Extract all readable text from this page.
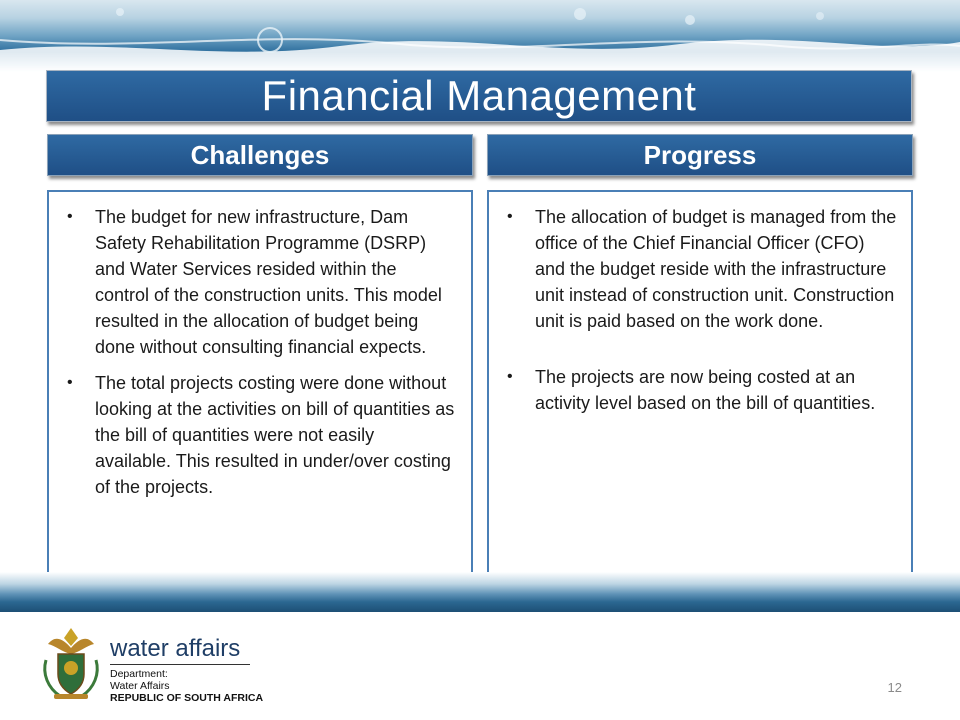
Financial Management
Challenges	Progress
• The budget for new infrastructure, Dam Safety Rehabilitation Programme (DSRP) and Water Services resided within the control of the construction units. This model resulted in the allocation of budget being done without consulting financial expects.
• The total projects costing were done without looking at the activities on bill of quantities as the bill of quantities were not easily available. This resulted in under/over costing of the projects.
• The allocation of budget is managed from the office of the Chief Financial Officer (CFO) and the budget reside with the infrastructure unit instead of construction unit. Construction unit is paid based on the work done.
• The projects are now being costed at an activity level based on the bill of quantities.
water affairs
Department:
Water Affairs
REPUBLIC OF SOUTH AFRICA
12
